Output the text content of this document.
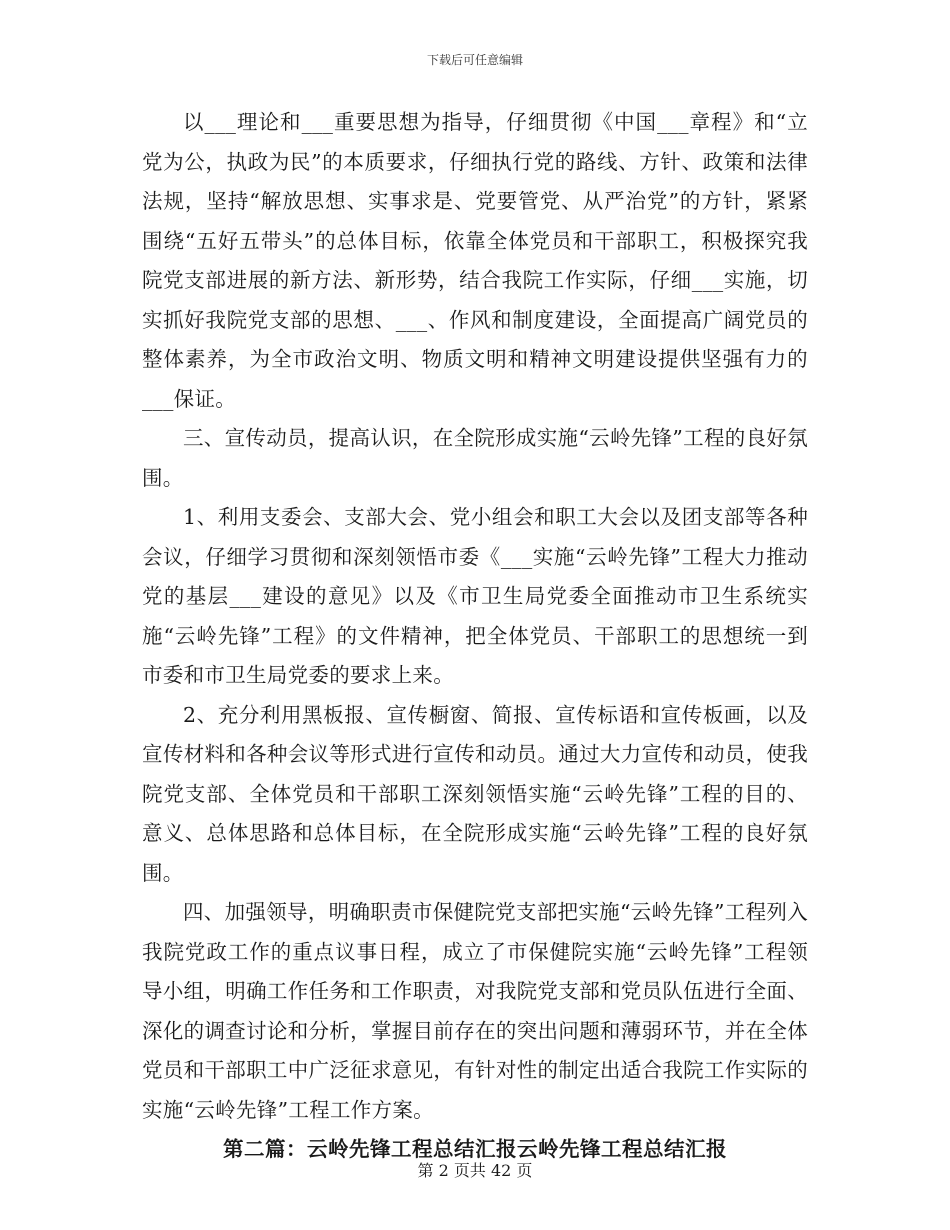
下载后可任意编辑

以___理论和___重要思想为指导，仔细贯彻《中国___章程》和“立党为公，执政为民”的本质要求，仔细执行党的路线、方针、政策和法律法规，坚持“解放思想、实事求是、党要管党、从严治党”的方针，紧紧围绕“五好五带头”的总体目标，依靠全体党员和干部职工，积极探究我院党支部进展的新方法、新形势，结合我院工作实际，仔细___实施，切实抓好我院党支部的思想、___、作风和制度建设，全面提高广阔党员的整体素养，为全市政治文明、物质文明和精神文明建设提供坚强有力的___保证。

三、宣传动员，提高认识，在全院形成实施“云岭先锋”工程的良好氛围。

1、利用支委会、支部大会、党小组会和职工大会以及团支部等各种会议，仔细学习贯彻和深刻领悟市委《___实施“云岭先锋”工程大力推动党的基层___建设的意见》以及《市卫生局党委全面推动市卫生系统实施“云岭先锋”工程》的文件精神，把全体党员、干部职工的思想统一到市委和市卫生局党委的要求上来。

2、充分利用黑板报、宣传橱窗、简报、宣传标语和宣传板画，以及宣传材料和各种会议等形式进行宣传和动员。通过大力宣传和动员，使我院党支部、全体党员和干部职工深刻领悟实施“云岭先锋”工程的目的、意义、总体思路和总体目标，在全院形成实施“云岭先锋”工程的良好氛围。

四、加强领导，明确职责市保健院党支部把实施“云岭先锋”工程列入我院党政工作的重点议事日程，成立了市保健院实施“云岭先锋”工程领导小组，明确工作任务和工作职责，对我院党支部和党员队伍进行全面、深化的调查讨论和分析，掌握目前存在的突出问题和薄弱环节，并在全体党员和干部职工中广泛征求意见，有针对性的制定出适合我院工作实际的实施“云岭先锋”工程工作方案。

第二篇：云岭先锋工程总结汇报云岭先锋工程总结汇报

第 2 页共 42 页
